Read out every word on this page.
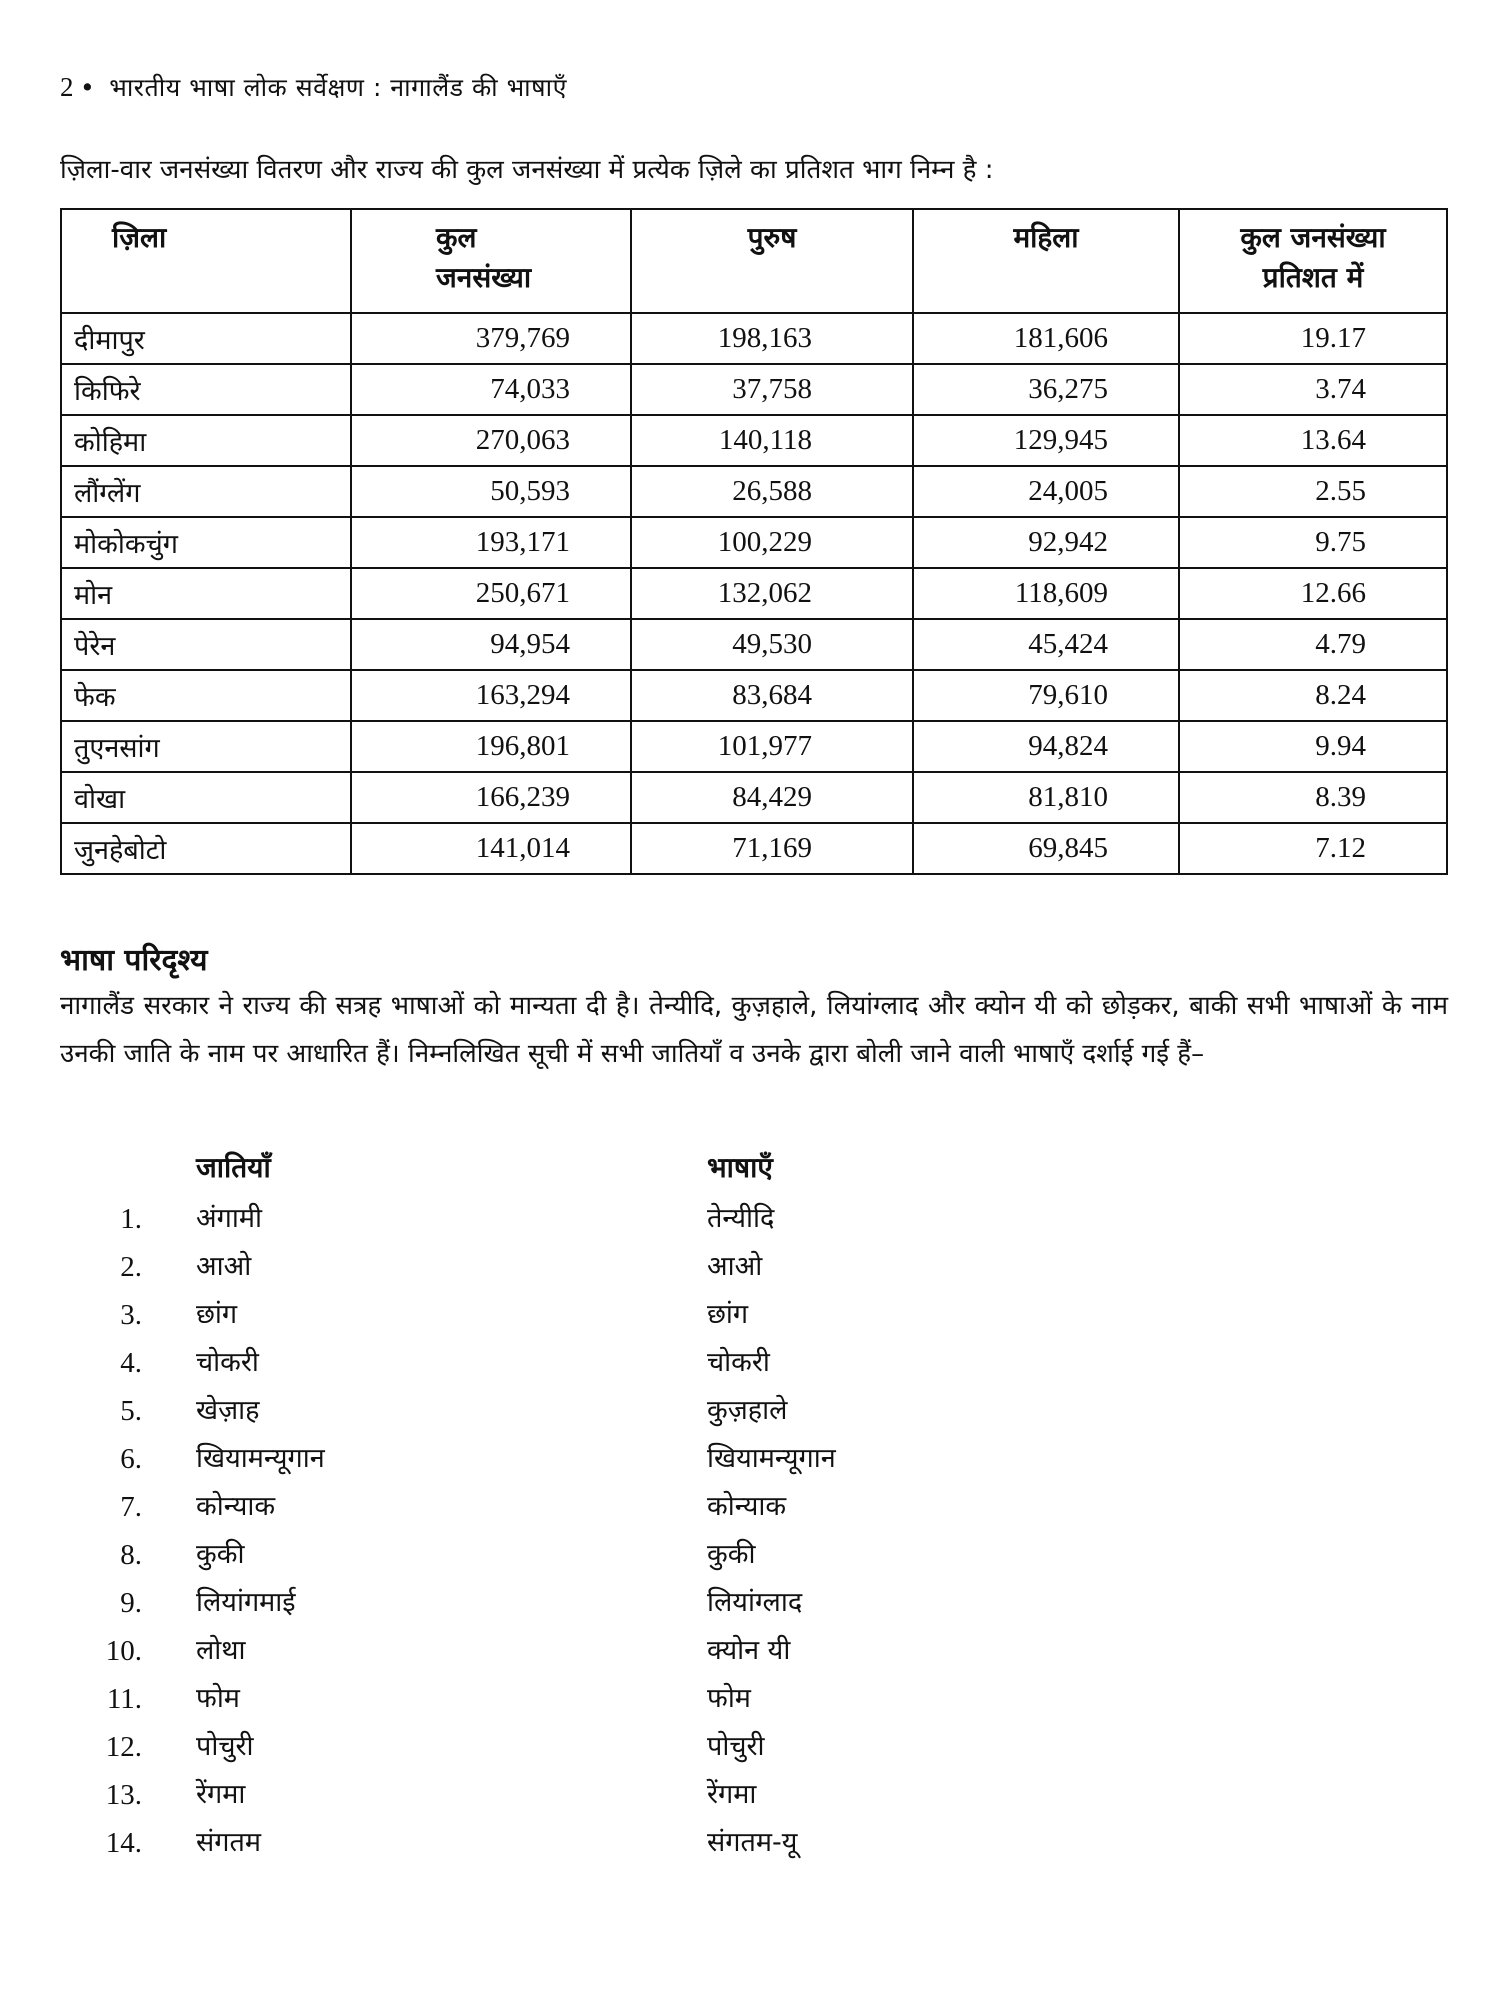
2 • भारतीय भाषा लोक सर्वेक्षण : नागालैंड की भाषाएँ
ज़िला-वार जनसंख्या वितरण और राज्य की कुल जनसंख्या में प्रत्येक ज़िले का प्रतिशत भाग निम्न है :
ज़िला	कुल जनसंख्या	पुरुष	महिला	कुल जनसंख्या प्रतिशत में

दीमापुर	379,769	198,163	181,606	19.17
किफिरे	74,033	37,758	36,275	3.74
कोहिमा	270,063	140,118	129,945	13.64
लौंग्लेंग	50,593	26,588	24,005	2.55
मोकोकचुंग	193,171	100,229	92,942	9.75
मोन	250,671	132,062	118,609	12.66
पेरेन	94,954	49,530	45,424	4.79
फेक	163,294	83,684	79,610	8.24
तुएनसांग	196,801	101,977	94,824	9.94
वोखा	166,239	84,429	81,810	8.39
जुनहेबोटो	141,014	71,169	69,845	7.12
भाषा परिदृश्य
नागालैंड सरकार ने राज्य की सत्रह भाषाओं को मान्यता दी है। तेन्यीदि, कुज़हाले, लियांग्लाद और क्योन यी को छोड़कर, बाकी सभी भाषाओं के नाम उनकी जाति के नाम पर आधारित हैं। निम्नलिखित सूची में सभी जातियाँ व उनके द्वारा बोली जाने वाली भाषाएँ दर्शाई गई हैं–
जातियाँ	भाषाएँ
1. अंगामी	तेन्यीदि
2. आओ	आओ
3. छांग	छांग
4. चोकरी	चोकरी
5. खेज़ाह	कुज़हाले
6. खियामन्यूगान	खियामन्यूगान
7. कोन्याक	कोन्याक
8. कुकी	कुकी
9. लियांगमाई	लियांग्लाद
10. लोथा	क्योन यी
11. फोम	फोम
12. पोचुरी	पोचुरी
13. रेंगमा	रेंगमा
14. संगतम	संगतम-यू
